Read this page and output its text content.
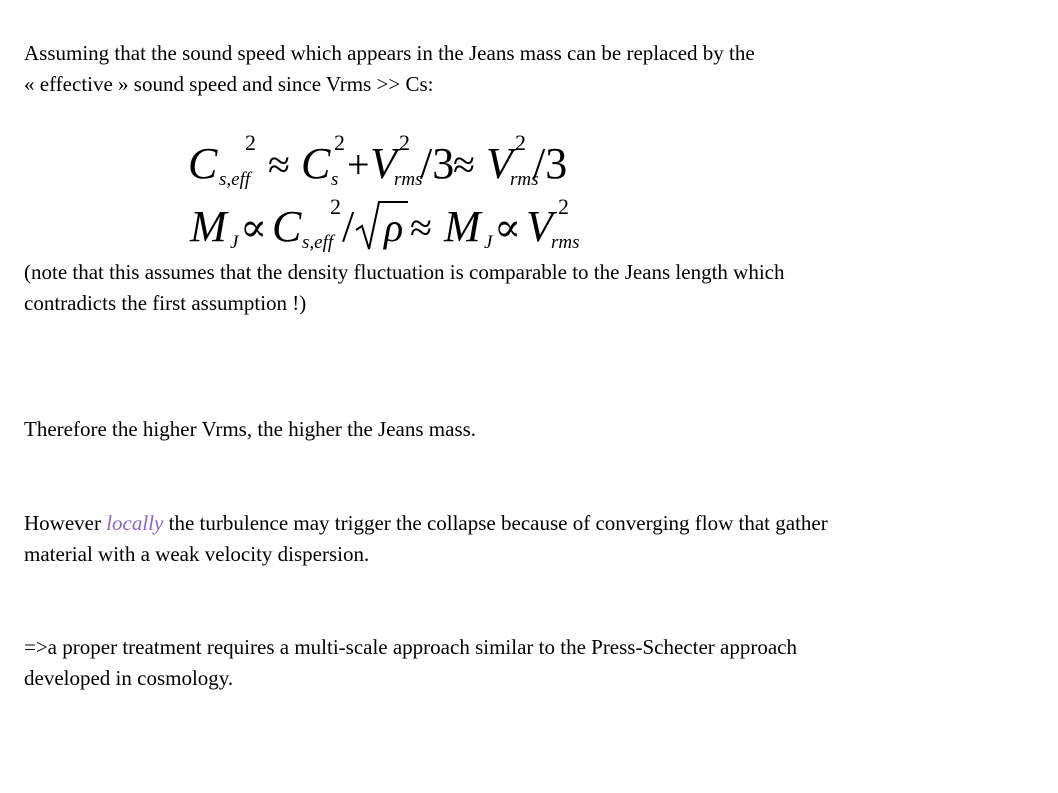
Assuming that the sound speed which appears in the Jeans mass can be replaced by the
« effective » sound speed and since Vrms >> Cs:

C s,eff
2 ≈ C s
2 + V
rms
2 /3
≈ V
rms
2 /3
M J ∝ C s,eff
2 / ρ ≈ M J ∝ V
rms
2

(note that this assumes that the density fluctuation is comparable to the Jeans length which
contradicts the first assumption !)

Therefore the higher Vrms, the higher the Jeans mass.

However locally the turbulence may trigger the collapse because of converging flow that gather
material with a weak velocity dispersion.

=>a proper treatment requires a multi-scale approach similar to the Press-Schecter approach
developed in cosmology.
